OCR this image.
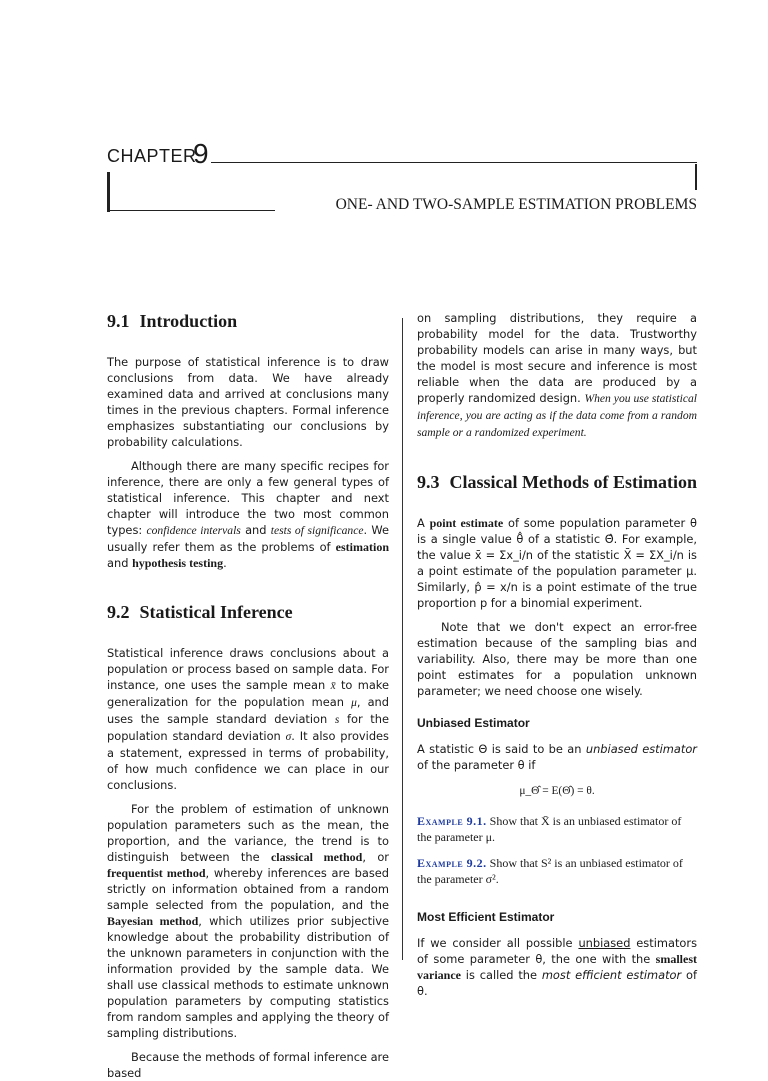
CHAPTER
9
ONE- AND TWO-SAMPLE ESTIMATION PROBLEMS
9.1 Introduction

The purpose of statistical inference is to draw conclusions from data. We have already examined data and arrived at conclusions many times in the previous chapters. Formal inference emphasizes substantiating our conclusions by probability calculations.

Although there are many specific recipes for inference, there are only a few general types of statistical inference. This chapter and next chapter will introduce the two most common types: confidence intervals and tests of significance. We usually refer them as the problems of estimation and hypothesis testing.

9.2 Statistical Inference

Statistical inference draws conclusions about a population or process based on sample data. For instance, one uses the sample mean x̄ to make generalization for the population mean μ, and uses the sample standard deviation s for the population standard deviation σ. It also provides a statement, expressed in terms of probability, of how much confidence we can place in our conclusions.

For the problem of estimation of unknown population parameters such as the mean, the proportion, and the variance, the trend is to distinguish between the classical method, or frequentist method, whereby inferences are based strictly on information obtained from a random sample selected from the population, and the Bayesian method, which utilizes prior subjective knowledge about the probability distribution of the unknown parameters in conjunction with the information provided by the sample data. We shall use classical methods to estimate unknown population parameters by computing statistics from random samples and applying the theory of sampling distributions.

Because the methods of formal inference are based

on sampling distributions, they require a probability model for the data. Trustworthy probability models can arise in many ways, but the model is most secure and inference is most reliable when the data are produced by a properly randomized design. When you use statistical inference, you are acting as if the data come from a random sample or a randomized experiment.

9.3 Classical Methods of Estimation

A point estimate of some population parameter θ is a single value θ̂ of a statistic Θ̂. For example, the value x̄ = Σx_i/n of the statistic X̄ = ΣX_i/n is a point estimate of the population parameter μ. Similarly, p̂ = x/n is a point estimate of the true proportion p for a binomial experiment.

Note that we don't expect an error-free estimation because of the sampling bias and variability. Also, there may be more than one point estimates for a population unknown parameter; we need choose one wisely.

Unbiased Estimator

A statistic Θ is said to be an unbiased estimator of the parameter θ if

μ_Θ̂ = E(Θ̂) = θ.
Example 9.1. Show that X̄ is an unbiased estimator of the parameter μ.
Example 9.2. Show that S² is an unbiased estimator of the parameter σ².
Most Efficient Estimator

If we consider all possible unbiased estimators of some parameter θ, the one with the smallest variance is called the most efficient estimator of θ.
